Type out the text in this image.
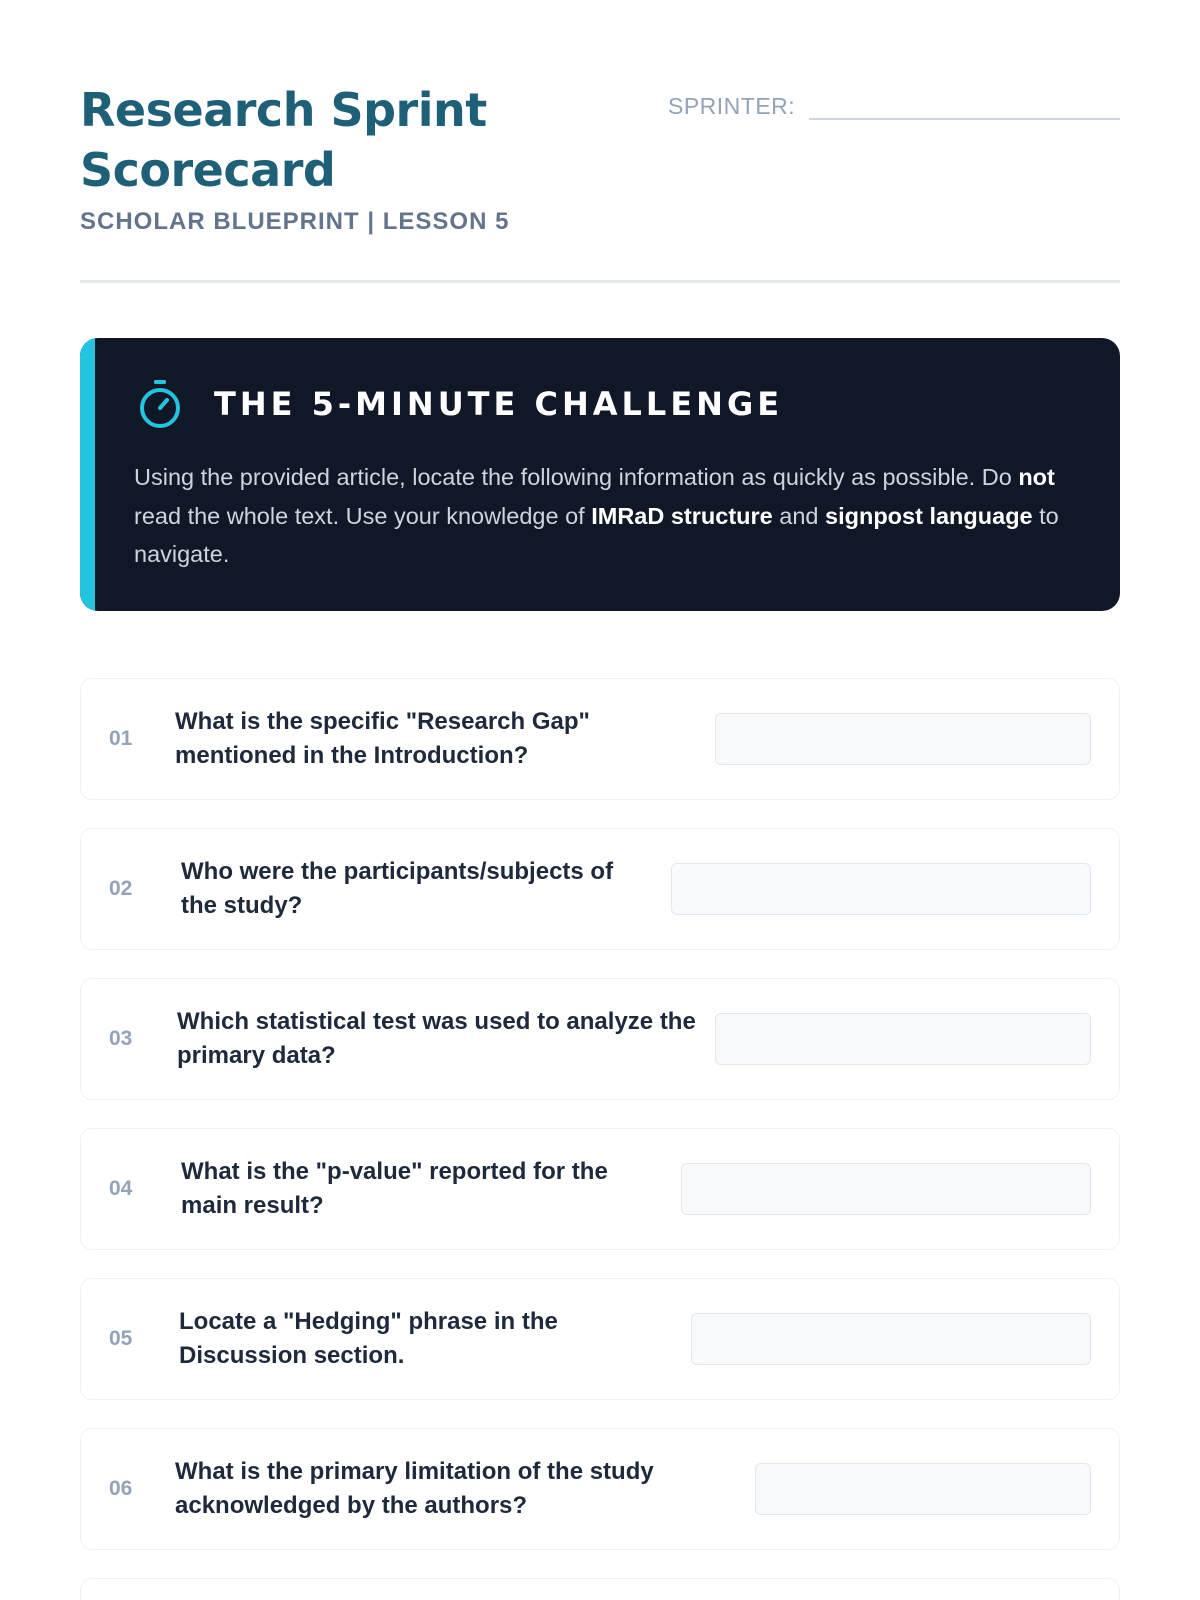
Research Sprint Scorecard
SCHOLAR BLUEPRINT | LESSON 5
SPRINTER:
THE 5-MINUTE CHALLENGE

Using the provided article, locate the following information as quickly as possible. Do not read the whole text. Use your knowledge of IMRaD structure and signpost language to navigate.

01
What is the specific "Research Gap" mentioned in the Introduction?
02
Who were the participants/subjects of the study?
03
Which statistical test was used to analyze the primary data?
04
What is the "p-value" reported for the main result?
05
Locate a "Hedging" phrase in the Discussion section.
06
What is the primary limitation of the study acknowledged by the authors?
